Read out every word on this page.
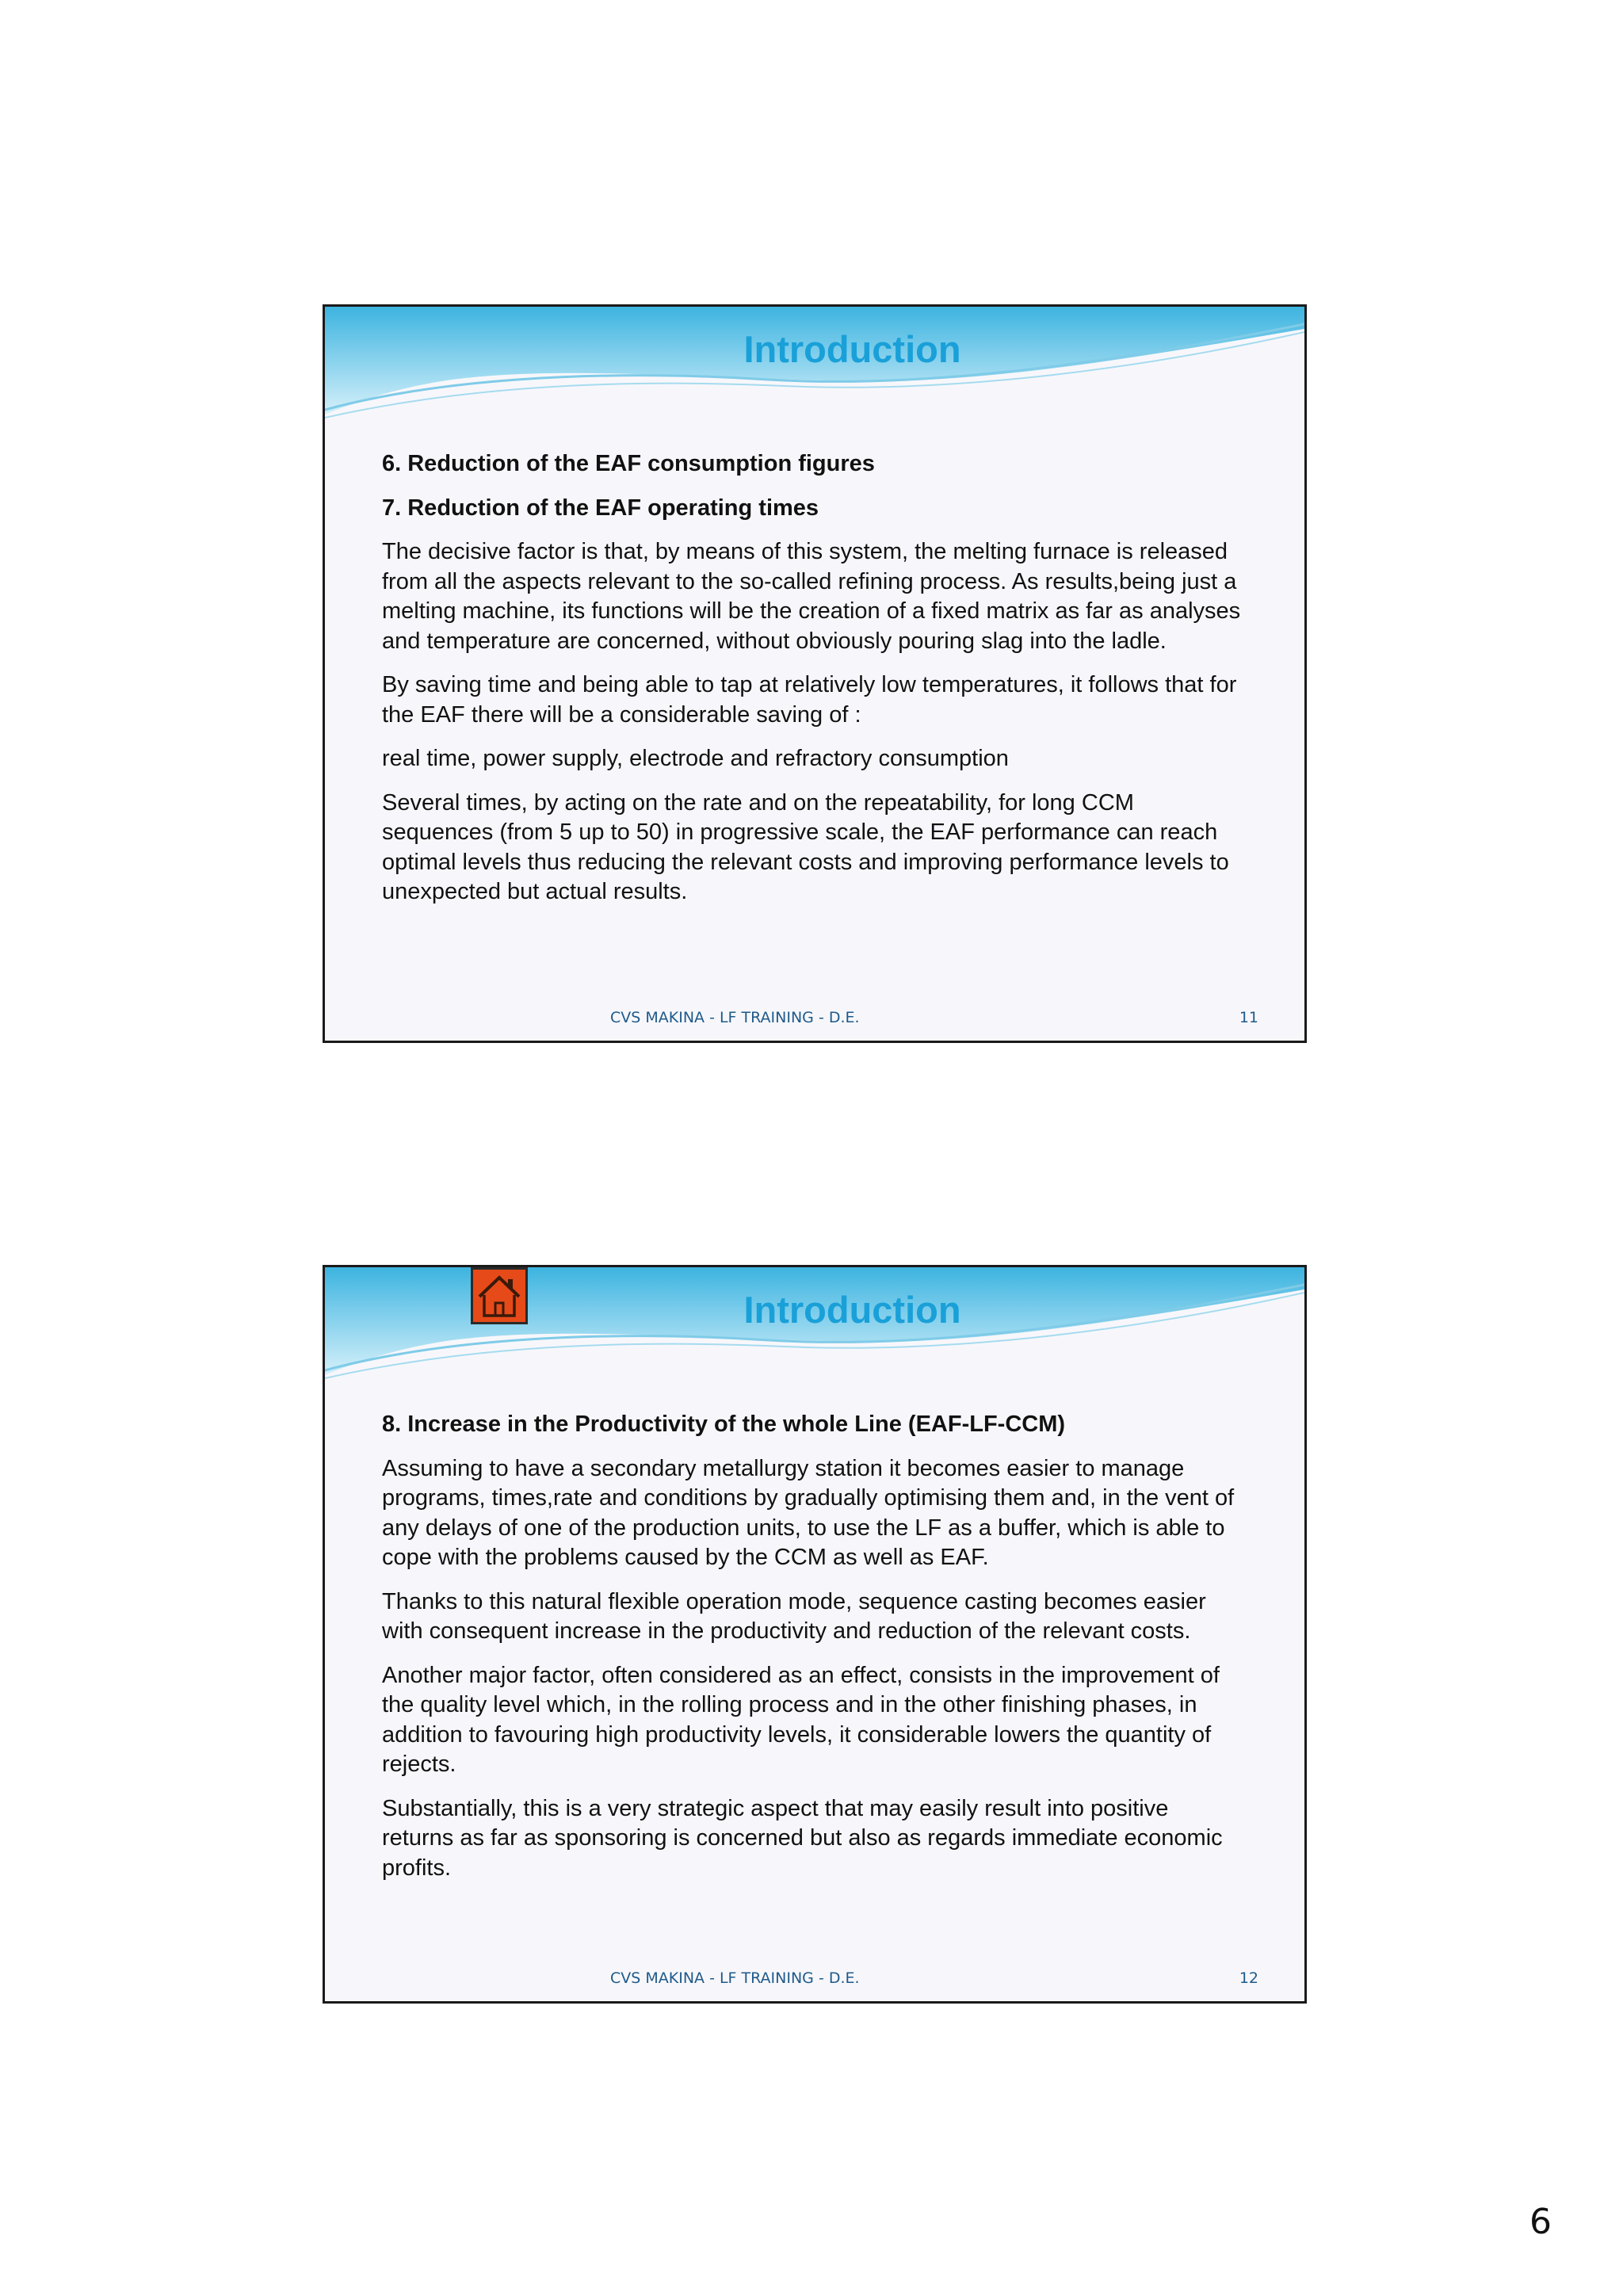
Introduction

6. Reduction of the EAF consumption figures

7. Reduction of the EAF operating times

The decisive factor is that, by means of this system, the melting furnace is released from all the aspects relevant to the so-called refining process. As results,being just a melting machine, its functions will be the creation of a fixed matrix as far as analyses and temperature are concerned, without obviously pouring slag into the ladle.

By saving time and being able to tap at relatively low temperatures, it follows that for the EAF there will be a considerable saving of :

real time, power supply, electrode and refractory consumption

Several times, by acting on the rate and on the repeatability, for long CCM sequences (from 5 up to 50) in progressive scale, the EAF performance can reach optimal levels thus reducing the relevant costs and improving performance levels to unexpected but actual results.

CVS MAKINA - LF TRAINING - D.E.	11
Introduction

8. Increase in the Productivity of the whole Line (EAF-LF-CCM)

Assuming to have a secondary metallurgy station it becomes easier to manage programs, times,rate and conditions by gradually optimising them and, in the vent of any delays of one of the production units, to use the LF as a buffer, which is able to cope with the problems caused by the CCM as well as EAF.

Thanks to this natural flexible operation mode, sequence casting becomes easier with consequent increase in the productivity and reduction of the relevant costs.

Another major factor, often considered as an effect, consists in the improvement of the quality level which, in the rolling process and in the other finishing phases, in addition to favouring high productivity levels, it considerable lowers the quantity of rejects.

Substantially, this is a very strategic aspect that may easily result into positive returns as far as sponsoring is concerned but also as regards immediate economic profits.

CVS MAKINA - LF TRAINING - D.E.	12
6
